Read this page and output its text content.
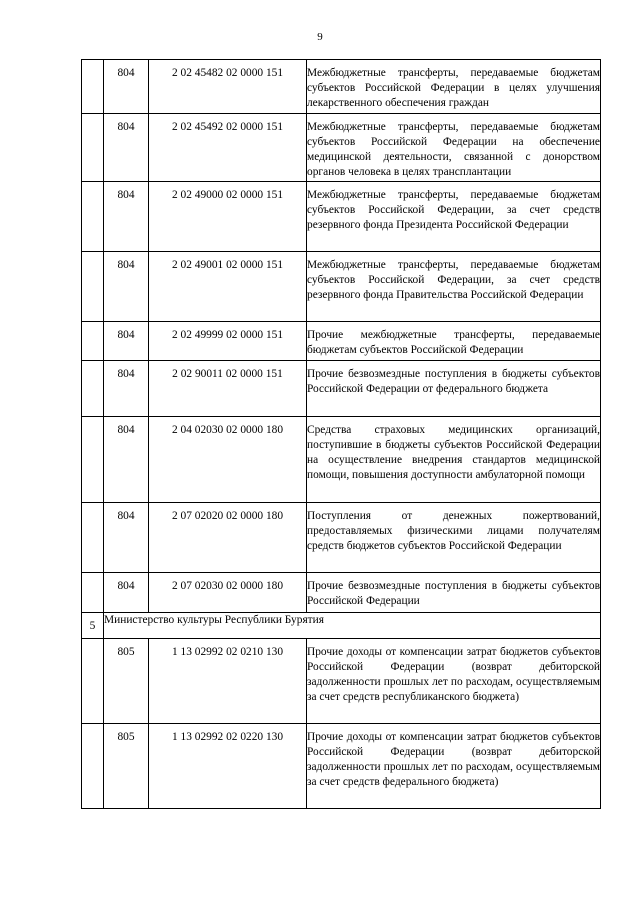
9

	804	2 02 45482 02 0000 151	Межбюджетные трансферты, передаваемые бюджетам субъектов Российской Федерации в целях улучшения лекарственного обеспечения граждан

	804	2 02 45492 02 0000 151	Межбюджетные трансферты, передаваемые бюджетам субъектов Российской Федерации на обеспечение медицинской деятельности, связанной с донорством органов человека в целях трансплантации

	804	2 02 49000 02 0000 151	Межбюджетные трансферты, передаваемые бюджетам субъектов Российской Федерации, за счет средств резервного фонда Президента Российской Федерации

	804	2 02 49001 02 0000 151	Межбюджетные трансферты, передаваемые бюджетам субъектов Российской Федерации, за счет средств резервного фонда Правительства Российской Федерации

	804	2 02 49999 02 0000 151	Прочие межбюджетные трансферты, передаваемые бюджетам субъектов Российской Федерации

	804	2 02 90011 02 0000 151	Прочие безвозмездные поступления в бюджеты субъектов Российской Федерации от федерального бюджета

	804	2 04 02030 02 0000 180	Средства страховых медицинских организаций, поступившие в бюджеты субъектов Российской Федерации на осуществление внедрения стандартов медицинской помощи, повышения доступности амбулаторной помощи

	804	2 07 02020 02 0000 180	Поступления от денежных пожертвований, предоставляемых физическими лицами получателям средств бюджетов субъектов Российской Федерации

	804	2 07 02030 02 0000 180	Прочие безвозмездные поступления в бюджеты субъектов Российской Федерации

5	Министерство культуры Республики Бурятия		

	805	1 13 02992 02 0210 130	Прочие доходы от компенсации затрат бюджетов субъектов Российской Федерации (возврат дебиторской задолженности прошлых лет по расходам, осуществляемым за счет средств республиканского бюджета)

	805	1 13 02992 02 0220 130	Прочие доходы от компенсации затрат бюджетов субъектов Российской Федерации (возврат дебиторской задолженности прошлых лет по расходам, осуществляемым за счет средств федерального бюджета)
